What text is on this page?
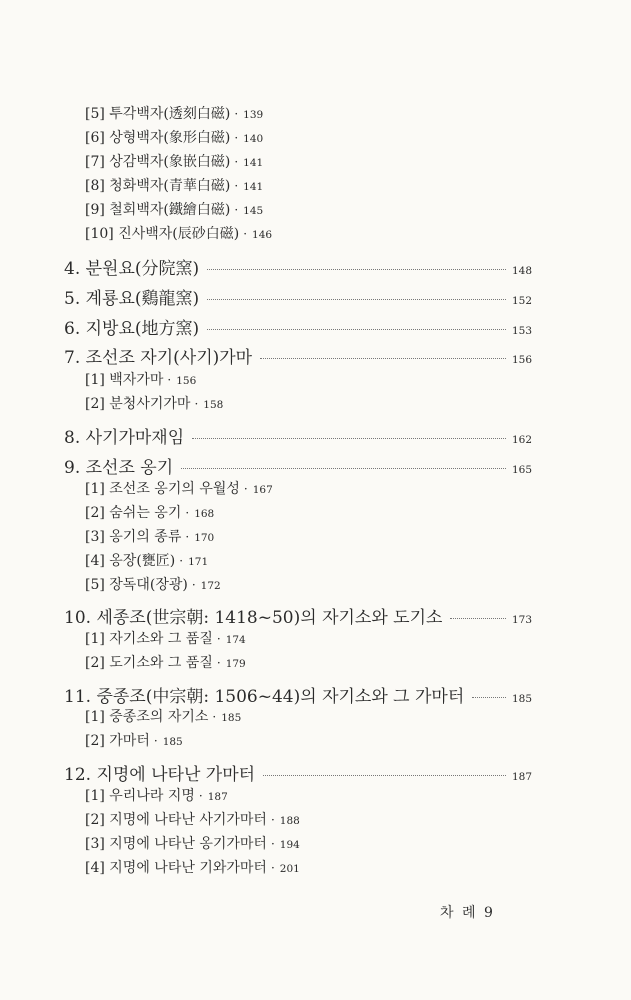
[5] 투각백자(透刻白磁) · 139
[6] 상형백자(象形白磁) · 140
[7] 상감백자(象嵌白磁) · 141
[8] 청화백자(青華白磁) · 141
[9] 철회백자(鐵繪白磁) · 145
[10] 진사백자(辰砂白磁) · 146
4. 분원요(分院窯)	148
5. 계룡요(鷄龍窯)	152
6. 지방요(地方窯)	153
7. 조선조 자기(사기)가마	156
[1] 백자가마 · 156
[2] 분청사기가마 · 158
8. 사기가마재임	162
9. 조선조 옹기	165
[1] 조선조 옹기의 우월성 · 167
[2] 숨쉬는 옹기 · 168
[3] 옹기의 종류 · 170
[4] 옹장(甕匠) · 171
[5] 장독대(장광) · 172
10. 세종조(世宗朝: 1418~50)의 자기소와 도기소	173
[1] 자기소와 그 품질 · 174
[2] 도기소와 그 품질 · 179
11. 중종조(中宗朝: 1506~44)의 자기소와 그 가마터	185
[1] 중종조의 자기소 · 185
[2] 가마터 · 185
12. 지명에 나타난 가마터	187
[1] 우리나라 지명 · 187
[2] 지명에 나타난 사기가마터 · 188
[3] 지명에 나타난 옹기가마터 · 194
[4] 지명에 나타난 기와가마터 · 201
차 례 9
